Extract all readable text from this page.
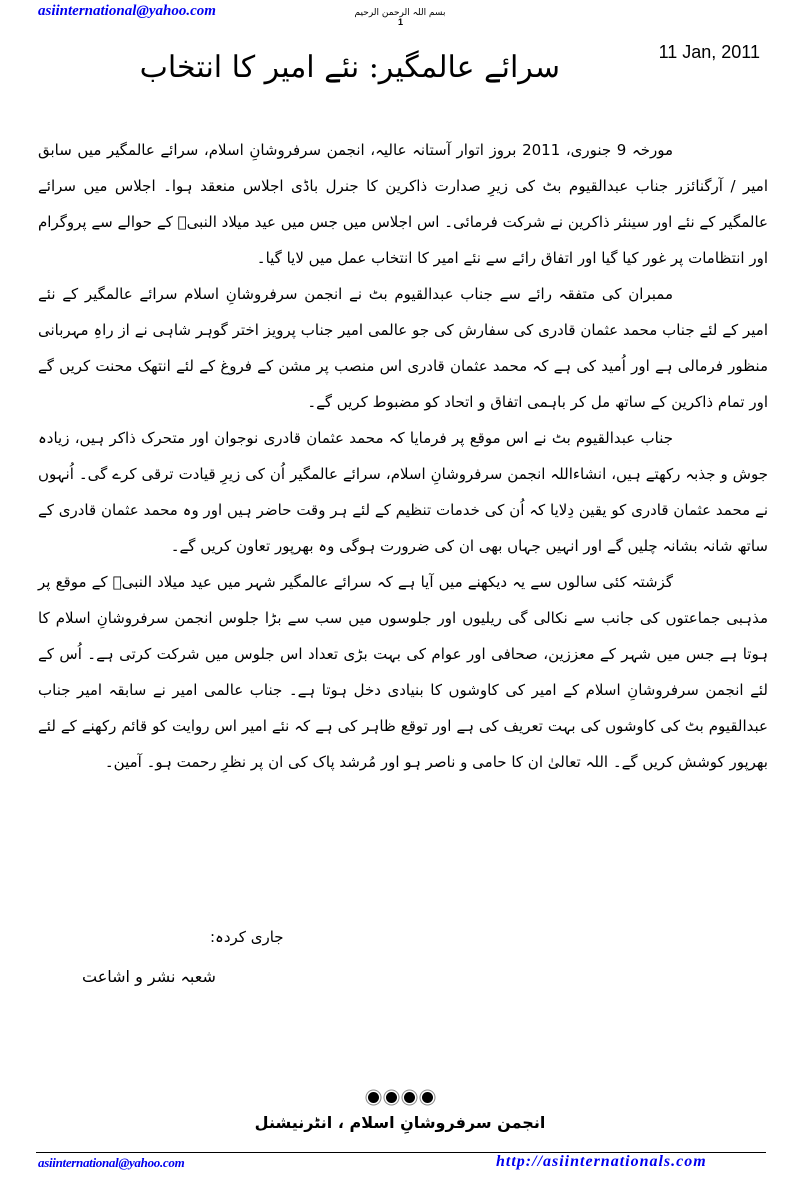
asiinternational@yahoo.com	بسم اللہ الرحمن الرحیم
1
11 Jan, 2011
سرائے عالمگیر: نئے امیر کا انتخاب

مورخہ 9 جنوری، 2011 بروز اتوار آستانہ عالیہ، انجمن سرفروشانِ اسلام، سرائے عالمگیر میں سابق امیر / آرگنائزر جناب عبدالقیوم بٹ کی زیرِ صدارت ذاکرین کا جنرل باڈی اجلاس منعقد ہوا۔ اجلاس میں سرائے عالمگیر کے نئے اور سینئر ذاکرین نے شرکت فرمائی۔ اس اجلاس میں جس میں عید میلاد النبیؐ کے حوالے سے پروگرام اور انتظامات پر غور کیا گیا اور اتفاق رائے سے نئے امیر کا انتخاب عمل میں لایا گیا۔

ممبران کی متفقہ رائے سے جناب عبدالقیوم بٹ نے انجمن سرفروشانِ اسلام سرائے عالمگیر کے نئے امیر کے لئے جناب محمد عثمان قادری کی سفارش کی جو عالمی امیر جناب پرویز اختر گوہر شاہی نے از راہِ مہربانی منظور فرمالی ہے اور اُمید کی ہے کہ محمد عثمان قادری اس منصب پر مشن کے فروغ کے لئے انتھک محنت کریں گے اور تمام ذاکرین کے ساتھ مل کر باہمی اتفاق و اتحاد کو مضبوط کریں گے۔

جناب عبدالقیوم بٹ نے اس موقع پر فرمایا کہ محمد عثمان قادری نوجوان اور متحرک ذاکر ہیں، زیادہ جوش و جذبہ رکھتے ہیں، انشاءاللہ انجمن سرفروشانِ اسلام، سرائے عالمگیر اُن کی زیرِ قیادت ترقی کرے گی۔ اُنہوں نے محمد عثمان قادری کو یقین دِلایا کہ اُن کی خدمات تنظیم کے لئے ہر وقت حاضر ہیں اور وہ محمد عثمان قادری کے ساتھ شانہ بشانہ چلیں گے اور انہیں جہاں بھی ان کی ضرورت ہوگی وہ بھرپور تعاون کریں گے۔

گزشتہ کئی سالوں سے یہ دیکھنے میں آیا ہے کہ سرائے عالمگیر شہر میں عید میلاد النبیؐ کے موقع پر مذہبی جماعتوں کی جانب سے نکالی گی ریلیوں اور جلوسوں میں سب سے بڑا جلوس انجمن سرفروشانِ اسلام کا ہوتا ہے جس میں شہر کے معززین، صحافی اور عوام کی بہت بڑی تعداد اس جلوس میں شرکت کرتی ہے۔ اُس کے لئے انجمن سرفروشانِ اسلام کے امیر کی کاوشوں کا بنیادی دخل ہوتا ہے۔ جناب عالمی امیر نے سابقہ امیر جناب عبدالقیوم بٹ کی کاوشوں کی بہت تعریف کی ہے اور توقع ظاہر کی ہے کہ نئے امیر اس روایت کو قائم رکھنے کے لئے بھرپور کوشش کریں گے۔ اللہ تعالیٰ ان کا حامی و ناصر ہو اور مُرشد پاک کی ان پر نظرِ رحمت ہو۔ آمین۔

جاری کردہ:
شعبہ نشر و اشاعت
انجمن سرفروشانِ اسلام ، انٹرنیشنل
asiinternational@yahoo.com	http://asiinternationals.com
